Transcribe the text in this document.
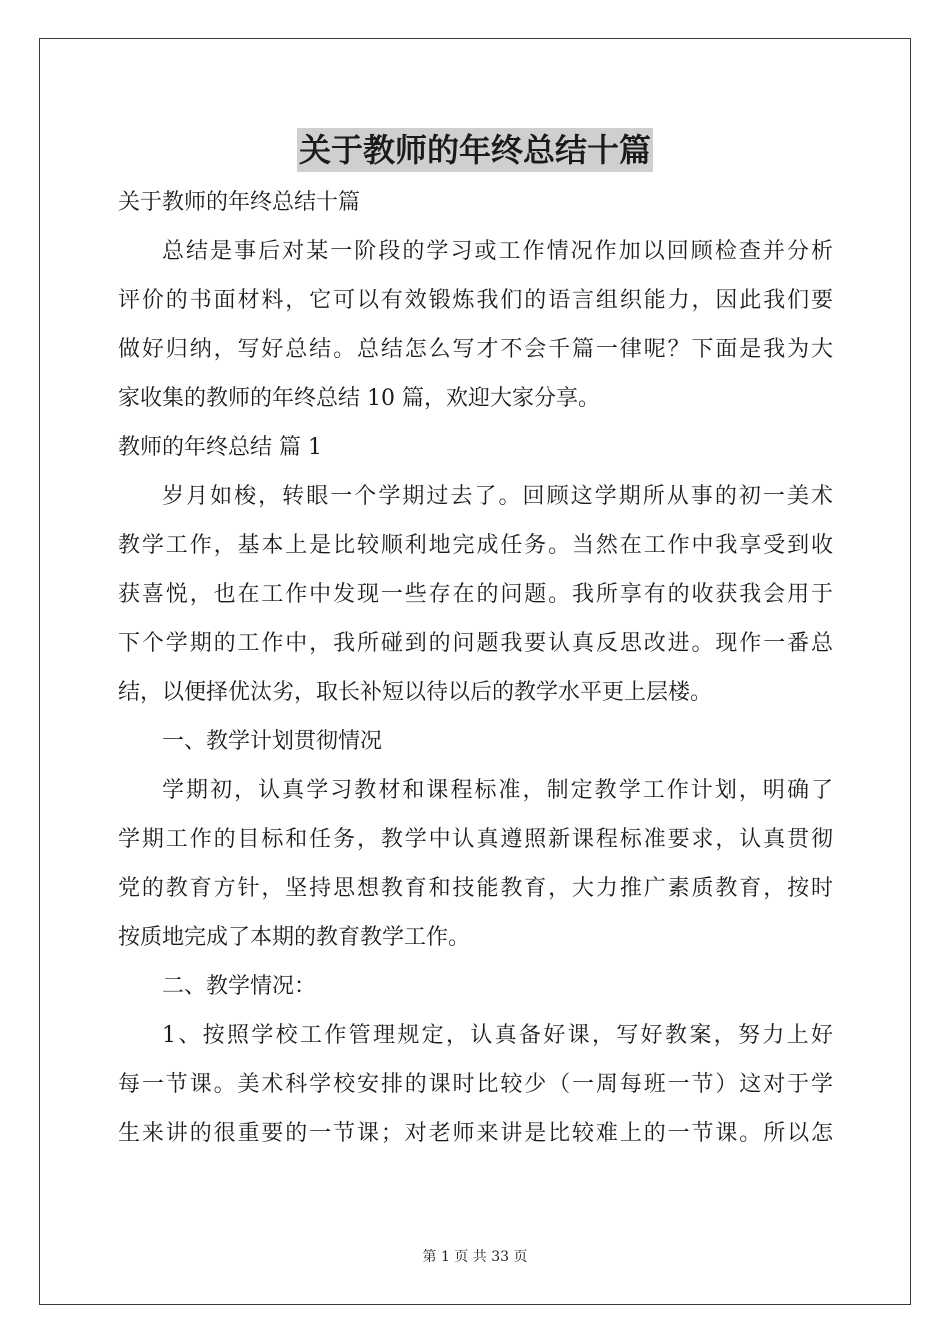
关于教师的年终总结十篇
关于教师的年终总结十篇
总结是事后对某一阶段的学习或工作情况作加以回顾检查并分析
评价的书面材料，它可以有效锻炼我们的语言组织能力，因此我们要
做好归纳，写好总结。总结怎么写才不会千篇一律呢？下面是我为大
家收集的教师的年终总结 10 篇，欢迎大家分享。
教师的年终总结 篇 1
岁月如梭，转眼一个学期过去了。回顾这学期所从事的初一美术
教学工作，基本上是比较顺利地完成任务。当然在工作中我享受到收
获喜悦，也在工作中发现一些存在的问题。我所享有的收获我会用于
下个学期的工作中，我所碰到的问题我要认真反思改进。现作一番总
结，以便择优汰劣，取长补短以待以后的教学水平更上层楼。
一、教学计划贯彻情况
学期初，认真学习教材和课程标准，制定教学工作计划，明确了
学期工作的目标和任务，教学中认真遵照新课程标准要求，认真贯彻
党的教育方针，坚持思想教育和技能教育，大力推广素质教育，按时
按质地完成了本期的教育教学工作。
二、教学情况：
1、按照学校工作管理规定，认真备好课，写好教案，努力上好
每一节课。美术科学校安排的课时比较少（一周每班一节）这对于学
生来讲的很重要的一节课；对老师来讲是比较难上的一节课。所以怎
第 1 页 共 33 页
